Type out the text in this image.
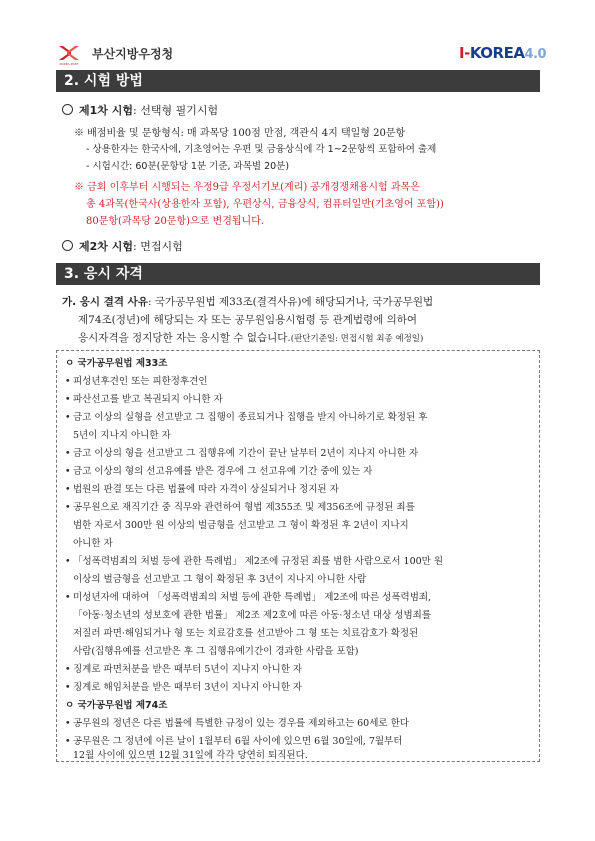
KOREA POST
부산지방우정청	I-KOREA4.0
2. 시험 방법
제1차 시험: 선택형 필기시험
※ 배점비율 및 문항형식: 매 과목당 100점 만점, 객관식 4지 택일형 20문항
- 상용한자는 한국사에, 기초영어는 우편 및 금융상식에 각 1~2문항씩 포함하여 출제
- 시험시간: 60분(문항당 1분 기준, 과목별 20분)
※ 금회 이후부터 시행되는 우정9급 우정서기보(계리) 공개경쟁채용시험 과목은
총 4과목(한국사(상용한자 포함), 우편상식, 금융상식, 컴퓨터일반(기초영어 포함))
80문항(과목당 20문항)으로 변경됩니다.
제2차 시험: 면접시험
3. 응시 자격
가. 응시 결격 사유: 국가공무원법 제33조(결격사유)에 해당되거나, 국가공무원법
제74조(정년)에 해당되는 자 또는 공무원임용시험령 등 관계법령에 의하여
응시자격을 정지당한 자는 응시할 수 없습니다.(판단기준일: 면접시험 최종 예정일)
ㅇ 국가공무원법 제33조
• 피성년후견인 또는 피한정후견인
• 파산선고를 받고 복권되지 아니한 자
• 금고 이상의 실형을 선고받고 그 집행이 종료되거나 집행을 받지 아니하기로 확정된 후
5년이 지나지 아니한 자
• 금고 이상의 형을 선고받고 그 집행유예 기간이 끝난 날부터 2년이 지나지 아니한 자
• 금고 이상의 형의 선고유예를 받은 경우에 그 선고유예 기간 중에 있는 자
• 법원의 판결 또는 다른 법률에 따라 자격이 상실되거나 정지된 자
• 공무원으로 재직기간 중 직무와 관련하여 형법 제355조 및 제356조에 규정된 죄를
범한 자로서 300만 원 이상의 벌금형을 선고받고 그 형이 확정된 후 2년이 지나지
아니한 자
• 「성폭력범죄의 처벌 등에 관한 특례법」 제2조에 규정된 죄를 범한 사람으로서 100만 원
이상의 벌금형을 선고받고 그 형이 확정된 후 3년이 지나지 아니한 사람
• 미성년자에 대하여 「성폭력범죄의 처벌 등에 관한 특례법」 제2조에 따른 성폭력범죄,
「아동·청소년의 성보호에 관한 법률」 제2조 제2호에 따른 아동·청소년 대상 성범죄를
저질러 파면·해임되거나 형 또는 치료감호를 선고받아 그 형 또는 치료감호가 확정된
사람(집행유예를 선고받은 후 그 집행유예기간이 경과한 사람을 포함)
• 징계로 파면처분을 받은 때부터 5년이 지나지 아니한 자
• 징계로 해임처분을 받은 때부터 3년이 지나지 아니한 자
ㅇ 국가공무원법 제74조
• 공무원의 정년은 다른 법률에 특별한 규정이 있는 경우를 제외하고는 60세로 한다
• 공무원은 그 정년에 이른 날이 1월부터 6월 사이에 있으면 6월 30일에, 7월부터
12월 사이에 있으면 12월 31일에 각각 당연히 퇴직된다.
